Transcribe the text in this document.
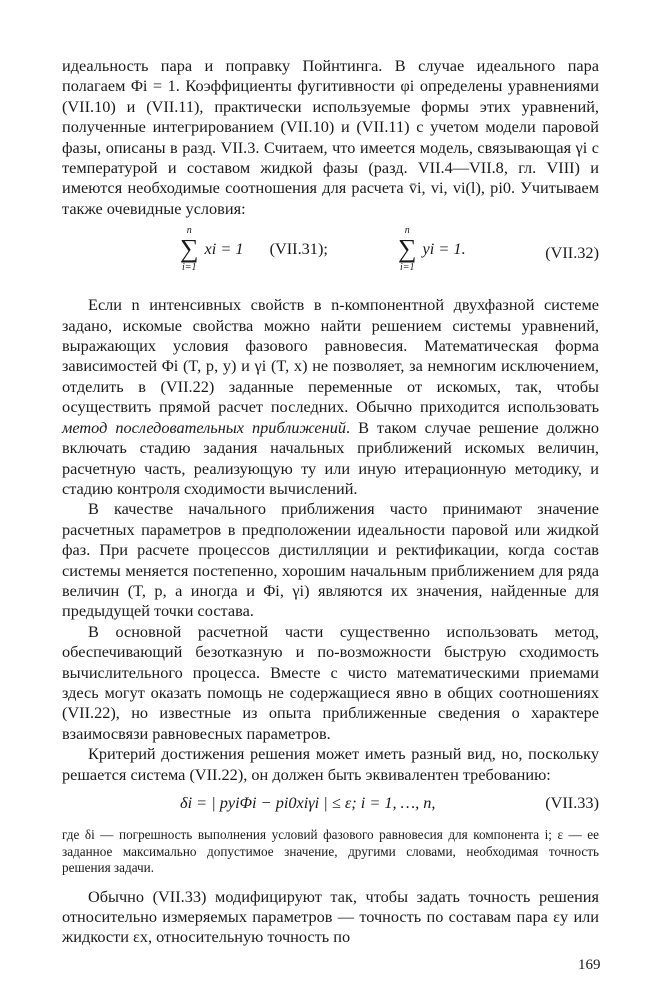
идеальность пара и поправку Пойнтинга. В случае идеального пара полагаем Φi = 1. Коэффициенты фугитивности φi определены уравнениями (VII.10) и (VII.11), практически используемые формы этих уравнений, полученные интегрированием (VII.10) и (VII.11) с учетом модели паровой фазы, описаны в разд. VII.3. Считаем, что имеется модель, связывающая γi с температурой и составом жидкой фазы (разд. VII.4—VII.8, гл. VIII) и имеются необходимые соотношения для расчета v̄i, vi, vi(l), pi0. Учитываем также очевидные условия:

n
∑
i=1
xi = 1 (VII.31);
n
∑
i=1
yi = 1.	(VII.32)

Если n интенсивных свойств в n-компонентной двухфазной системе задано, искомые свойства можно найти решением системы уравнений, выражающих условия фазового равновесия. Математическая форма зависимостей Φi (T, p, y) и γi (T, x) не позволяет, за немногим исключением, отделить в (VII.22) заданные переменные от искомых, так, чтобы осуществить прямой расчет последних. Обычно приходится использовать метод последовательных приближений. В таком случае решение должно включать стадию задания начальных приближений искомых величин, расчетную часть, реализующую ту или иную итерационную методику, и стадию контроля сходимости вычислений.

В качестве начального приближения часто принимают значение расчетных параметров в предположении идеальности паровой или жидкой фаз. При расчете процессов дистилляции и ректификации, когда состав системы меняется постепенно, хорошим начальным приближением для ряда величин (T, p, а иногда и Φi, γi) являются их значения, найденные для предыдущей точки состава.

В основной расчетной части существенно использовать метод, обеспечивающий безотказную и по-возможности быструю сходимость вычислительного процесса. Вместе с чисто математическими приемами здесь могут оказать помощь не содержащиеся явно в общих соотношениях (VII.22), но известные из опыта приближенные сведения о характере взаимосвязи равновесных параметров.

Критерий достижения решения может иметь разный вид, но, поскольку решается система (VII.22), он должен быть эквивалентен требованию:

δi = | pyiΦi − pi0xiγi | ≤ ε; i = 1, …, n,	(VII.33)

где δi — погрешность выполнения условий фазового равновесия для компонента i; ε — ее заданное максимально допустимое значение, другими словами, необходимая точность решения задачи.

Обычно (VII.33) модифицируют так, чтобы задать точность решения относительно измеряемых параметров — точность по составам пара εy или жидкости εx, относительную точность по

169
